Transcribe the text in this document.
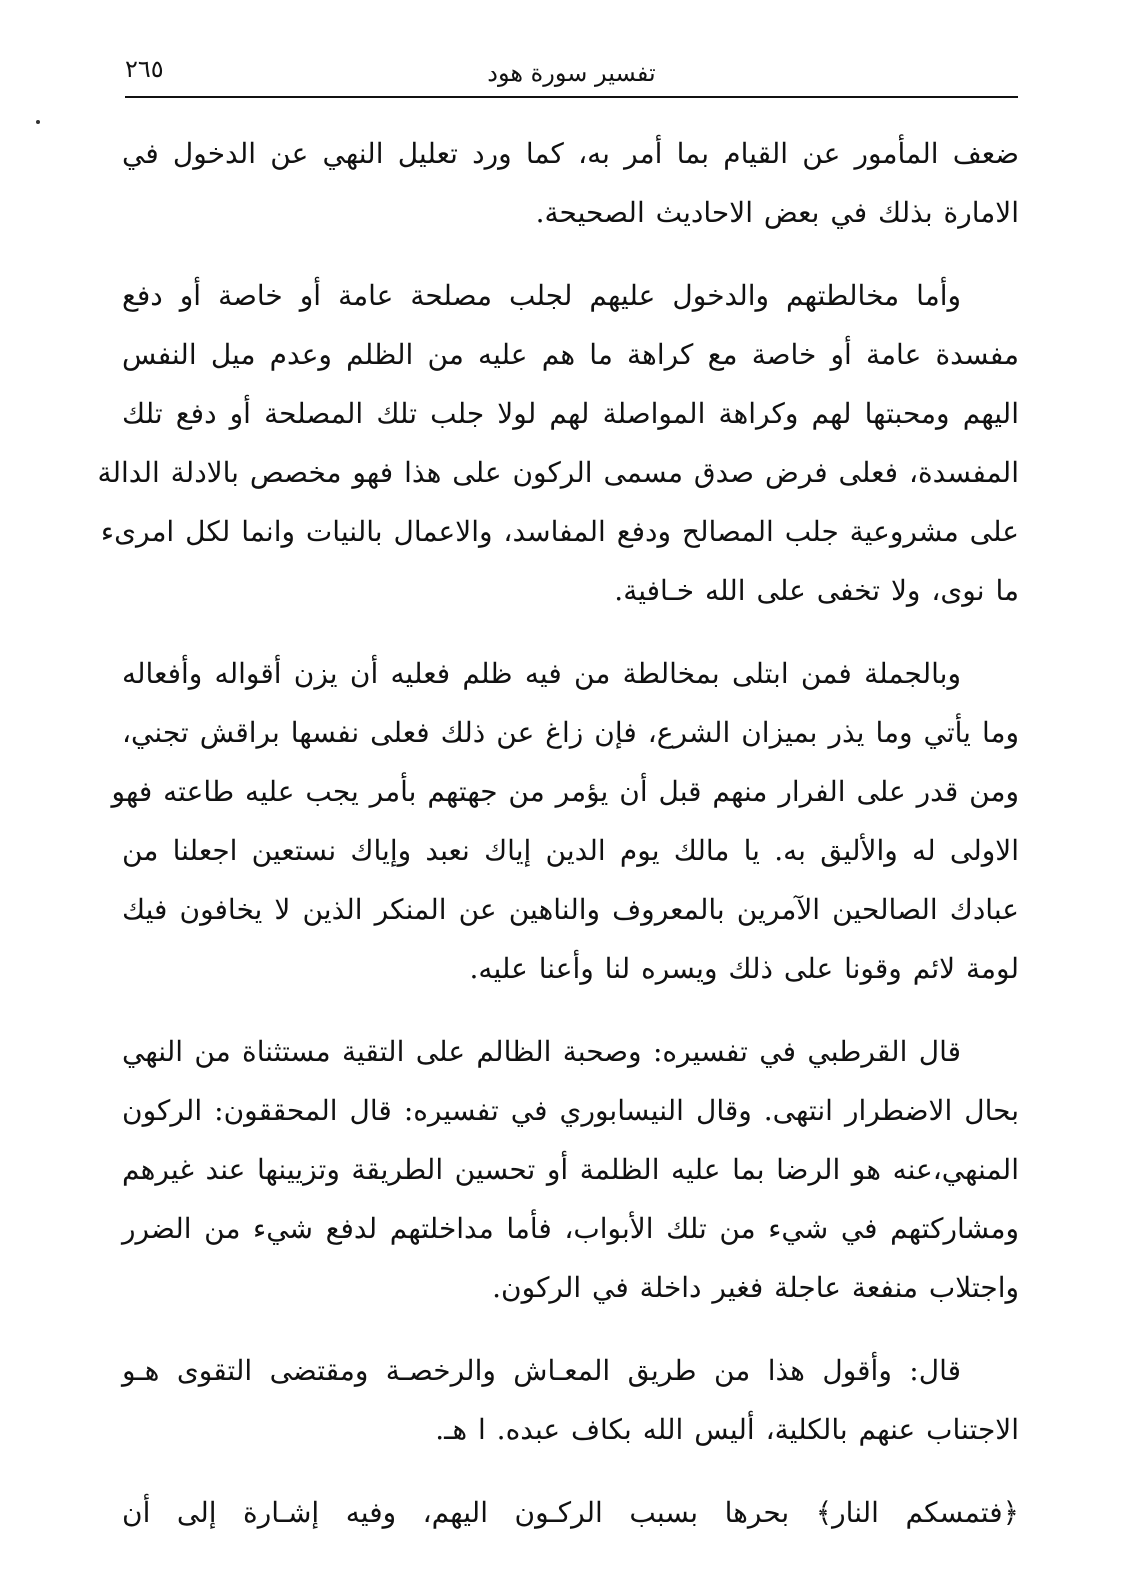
تفسير سورة هود
٢٦٥
ضعف المأمور عن القيام بما أمر به، كما ورد تعليل النهي عن الدخول في
الامارة بذلك في بعض الاحاديث الصحيحة.
وأما مخالطتهم والدخول عليهم لجلب مصلحة عامة أو خاصة أو دفع
مفسدة عامة أو خاصة مع كراهة ما هم عليه من الظلم وعدم ميل النفس
اليهم ومحبتها لهم وكراهة المواصلة لهم لولا جلب تلك المصلحة أو دفع تلك
المفسدة، فعلى فرض صدق مسمى الركون على هذا فهو مخصص بالادلة الدالة
على مشروعية جلب المصالح ودفع المفاسد، والاعمال بالنيات وانما لكل امرىء
ما نوى، ولا تخفى على الله خـافية.
وبالجملة فمن ابتلى بمخالطة من فيه ظلم فعليه أن يزن أقواله وأفعاله
وما يأتي وما يذر بميزان الشرع، فإن زاغ عن ذلك فعلى نفسها براقش تجني،
ومن قدر على الفرار منهم قبل أن يؤمر من جهتهم بأمر يجب عليه طاعته فهو
الاولى له والأليق به. يا مالك يوم الدين إياك نعبد وإياك نستعين اجعلنا من
عبادك الصالحين الآمرين بالمعروف والناهين عن المنكر الذين لا يخافون فيك
لومة لائم وقونا على ذلك ويسره لنا وأعنا عليه.
قال القرطبي في تفسيره: وصحبة الظالم على التقية مستثناة من النهي
بحال الاضطرار انتهى. وقال النيسابوري في تفسيره: قال المحققون: الركون
المنهي،عنه هو الرضا بما عليه الظلمة أو تحسين الطريقة وتزيينها عند غيرهم
ومشاركتهم في شيء من تلك الأبواب، فأما مداخلتهم لدفع شيء من الضرر
واجتلاب منفعة عاجلة فغير داخلة في الركون.
قال: وأقول هذا من طريق المعـاش والرخصـة ومقتضى التقوى هـو
الاجتناب عنهم بالكلية، أليس الله بكاف عبده. ا هـ.
﴿فتمسكم النار﴾ بحرها بسبب الركـون اليهم، وفيه إشـارة إلى أن
